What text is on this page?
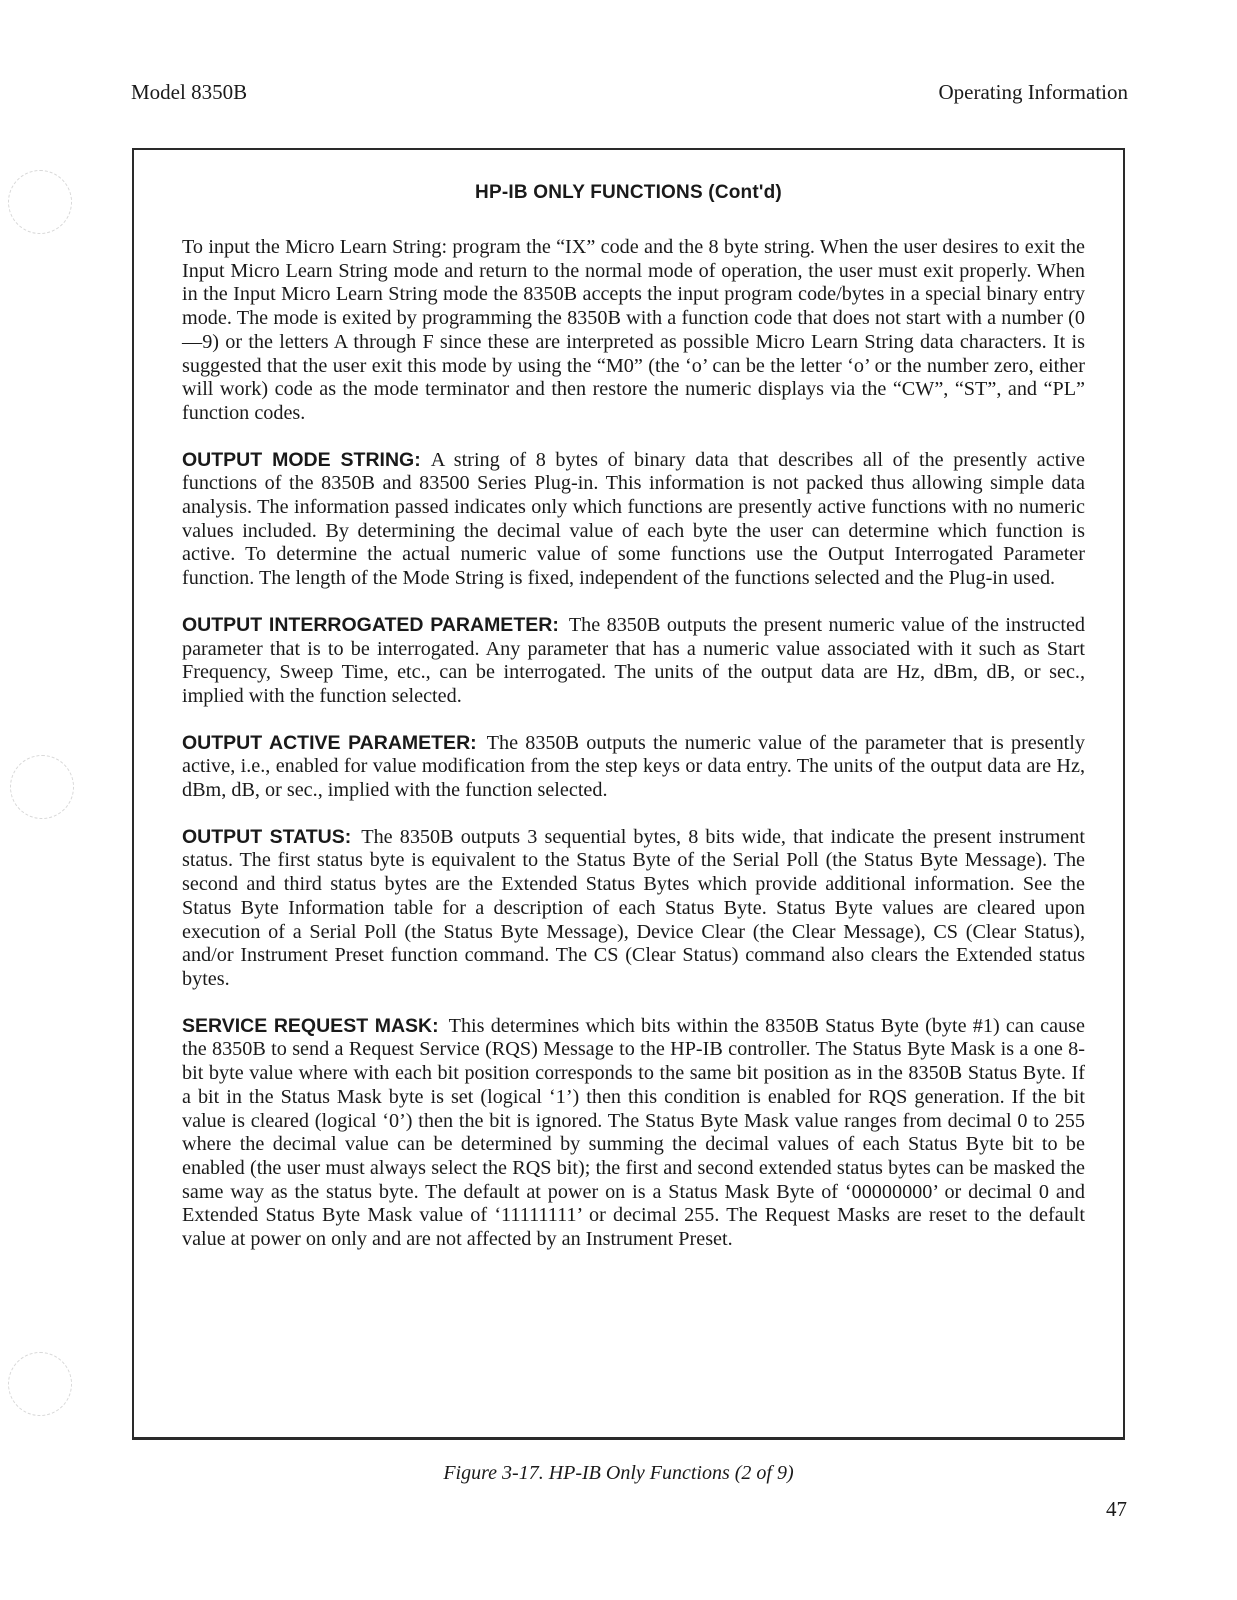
Model 8350B	Operating Information
HP-IB ONLY FUNCTIONS (Cont'd)

To input the Micro Learn String: program the “IX” code and the 8 byte string. When the user desires to exit the Input Micro Learn String mode and return to the normal mode of operation, the user must exit properly. When in the Input Micro Learn String mode the 8350B accepts the input program code/bytes in a special binary entry mode. The mode is exited by programming the 8350B with a function code that does not start with a number (0—9) or the letters A through F since these are interpreted as possible Micro Learn String data characters. It is suggested that the user exit this mode by using the “M0” (the ‘o’ can be the letter ‘o’ or the number zero, either will work) code as the mode terminator and then restore the numeric displays via the “CW”, “ST”, and “PL” function codes.

OUTPUT MODE STRING: A string of 8 bytes of binary data that describes all of the presently active functions of the 8350B and 83500 Series Plug-in. This information is not packed thus allowing simple data analysis. The information passed indicates only which functions are presently active functions with no numeric values included. By determining the decimal value of each byte the user can determine which function is active. To determine the actual numeric value of some functions use the Output Interrogated Parameter function. The length of the Mode String is fixed, independent of the functions selected and the Plug-in used.

OUTPUT INTERROGATED PARAMETER: The 8350B outputs the present numeric value of the instructed parameter that is to be interrogated. Any parameter that has a numeric value associated with it such as Start Frequency, Sweep Time, etc., can be interrogated. The units of the output data are Hz, dBm, dB, or sec., implied with the function selected.

OUTPUT ACTIVE PARAMETER: The 8350B outputs the numeric value of the parameter that is presently active, i.e., enabled for value modification from the step keys or data entry. The units of the output data are Hz, dBm, dB, or sec., implied with the function selected.

OUTPUT STATUS: The 8350B outputs 3 sequential bytes, 8 bits wide, that indicate the present instrument status. The first status byte is equivalent to the Status Byte of the Serial Poll (the Status Byte Message). The second and third status bytes are the Extended Status Bytes which provide additional information. See the Status Byte Information table for a description of each Status Byte. Status Byte values are cleared upon execution of a Serial Poll (the Status Byte Message), Device Clear (the Clear Message), CS (Clear Status), and/or Instrument Preset function command. The CS (Clear Status) command also clears the Extended status bytes.

SERVICE REQUEST MASK: This determines which bits within the 8350B Status Byte (byte #1) can cause the 8350B to send a Request Service (RQS) Message to the HP-IB controller. The Status Byte Mask is a one 8-bit byte value where with each bit position corresponds to the same bit position as in the 8350B Status Byte. If a bit in the Status Mask byte is set (logical ‘1’) then this condition is enabled for RQS generation. If the bit value is cleared (logical ‘0’) then the bit is ignored. The Status Byte Mask value ranges from decimal 0 to 255 where the decimal value can be determined by summing the decimal values of each Status Byte bit to be enabled (the user must always select the RQS bit); the first and second extended status bytes can be masked the same way as the status byte. The default at power on is a Status Mask Byte of ‘00000000’ or decimal 0 and Extended Status Byte Mask value of ‘11111111’ or decimal 255. The Request Masks are reset to the default value at power on only and are not affected by an Instrument Preset.

Figure 3-17. HP-IB Only Functions (2 of 9)
47
